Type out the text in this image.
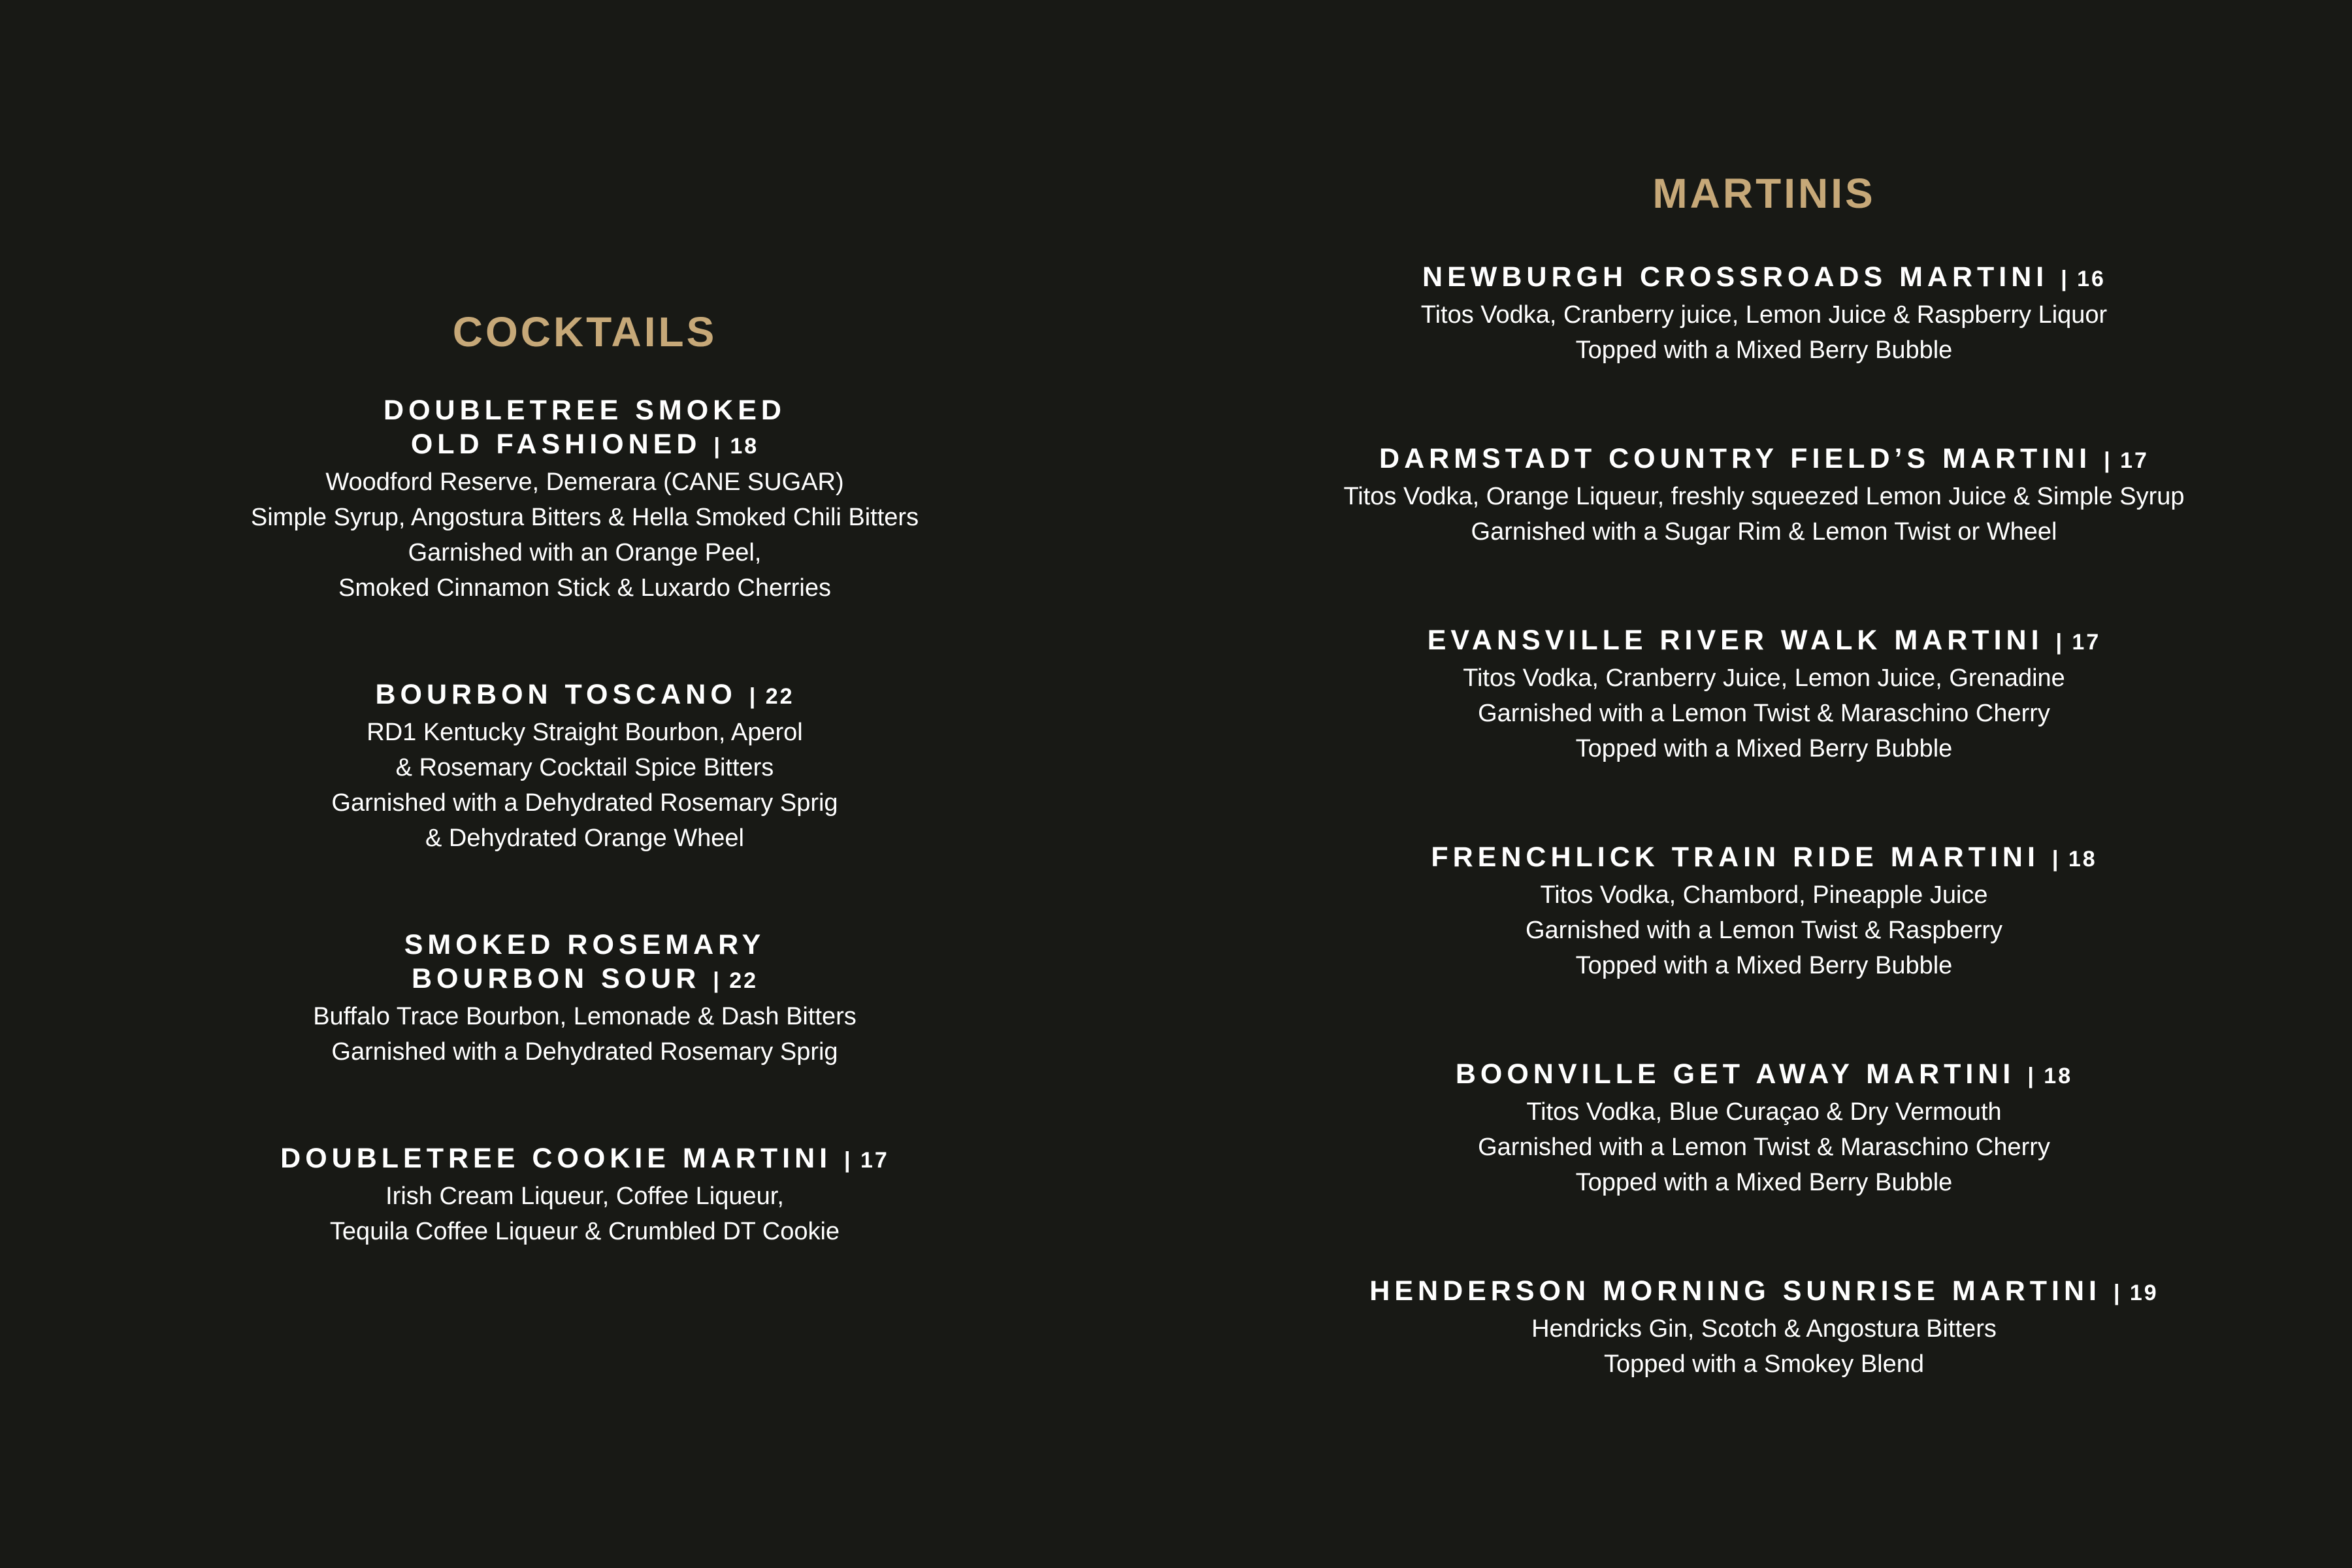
COCKTAILS
DOUBLETREE SMOKED
OLD FASHIONED | 18
Woodford Reserve, Demerara (CANE SUGAR)
Simple Syrup, Angostura Bitters & Hella Smoked Chili Bitters
Garnished with an Orange Peel,
Smoked Cinnamon Stick & Luxardo Cherries
BOURBON TOSCANO | 22
RD1 Kentucky Straight Bourbon, Aperol
& Rosemary Cocktail Spice Bitters
Garnished with a Dehydrated Rosemary Sprig
& Dehydrated Orange Wheel
SMOKED ROSEMARY
BOURBON SOUR | 22
Buffalo Trace Bourbon, Lemonade & Dash Bitters
Garnished with a Dehydrated Rosemary Sprig
DOUBLETREE COOKIE MARTINI | 17
Irish Cream Liqueur, Coffee Liqueur,
Tequila Coffee Liqueur & Crumbled DT Cookie
MARTINIS
NEWBURGH CROSSROADS MARTINI | 16
Titos Vodka, Cranberry juice, Lemon Juice & Raspberry Liquor
Topped with a Mixed Berry Bubble
DARMSTADT COUNTRY FIELD’S MARTINI | 17
Titos Vodka, Orange Liqueur, freshly squeezed Lemon Juice & Simple Syrup
Garnished with a Sugar Rim & Lemon Twist or Wheel
EVANSVILLE RIVER WALK MARTINI | 17
Titos Vodka, Cranberry Juice, Lemon Juice, Grenadine
Garnished with a Lemon Twist & Maraschino Cherry
Topped with a Mixed Berry Bubble
FRENCHLICK TRAIN RIDE MARTINI | 18
Titos Vodka, Chambord, Pineapple Juice
Garnished with a Lemon Twist & Raspberry
Topped with a Mixed Berry Bubble
BOONVILLE GET AWAY MARTINI | 18
Titos Vodka, Blue Curaçao & Dry Vermouth
Garnished with a Lemon Twist & Maraschino Cherry
Topped with a Mixed Berry Bubble
HENDERSON MORNING SUNRISE MARTINI | 19
Hendricks Gin, Scotch & Angostura Bitters
Topped with a Smokey Blend
